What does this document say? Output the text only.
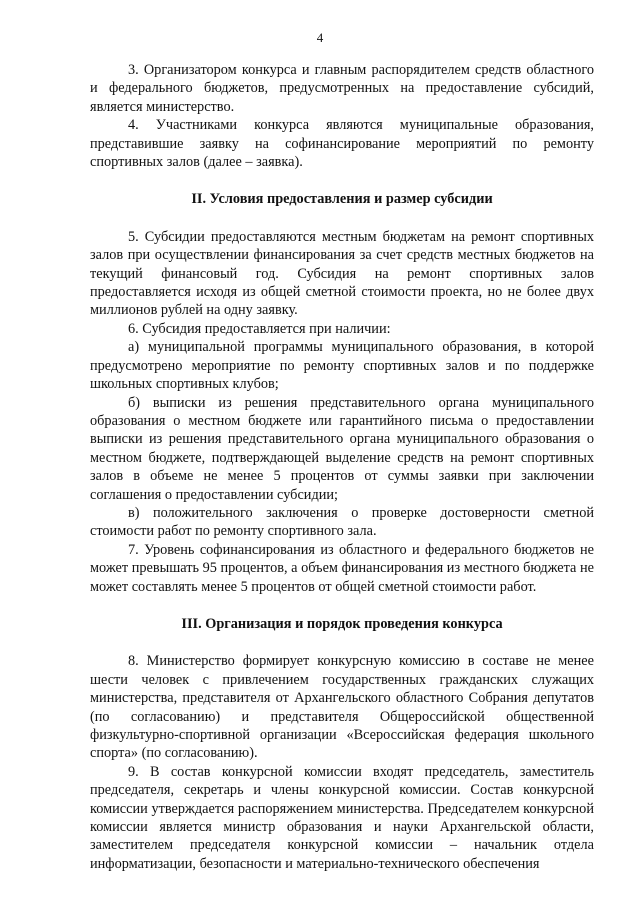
4

3. Организатором конкурса и главным распорядителем средств областного и федерального бюджетов, предусмотренных на предоставление субсидий, является министерство.

4. Участниками конкурса являются муниципальные образования, представившие заявку на софинансирование мероприятий по ремонту спортивных залов (далее – заявка).

II. Условия предоставления и размер субсидии

5. Субсидии предоставляются местным бюджетам на ремонт спортивных залов при осуществлении финансирования за счет средств местных бюджетов на текущий финансовый год. Субсидия на ремонт спортивных залов предоставляется исходя из общей сметной стоимости проекта, но не более двух миллионов рублей на одну заявку.

6. Субсидия предоставляется при наличии:

а) муниципальной программы муниципального образования, в которой предусмотрено мероприятие по ремонту спортивных залов и по поддержке школьных спортивных клубов;

б) выписки из решения представительного органа муниципального образования о местном бюджете или гарантийного письма о предоставлении выписки из решения представительного органа муниципального образования о местном бюджете, подтверждающей выделение средств на ремонт спортивных залов в объеме не менее 5 процентов от суммы заявки при заключении соглашения о предоставлении субсидии;

в) положительного заключения о проверке достоверности сметной стоимости работ по ремонту спортивного зала.

7. Уровень софинансирования из областного и федерального бюджетов не может превышать 95 процентов, а объем финансирования из местного бюджета не может составлять менее 5 процентов от общей сметной стоимости работ.

III. Организация и порядок проведения конкурса

8. Министерство формирует конкурсную комиссию в составе не менее шести человек с привлечением государственных гражданских служащих министерства, представителя от Архангельского областного Собрания депутатов (по согласованию) и представителя Общероссийской общественной физкультурно-спортивной организации «Всероссийская федерация школьного спорта» (по согласованию).

9. В состав конкурсной комиссии входят председатель, заместитель председателя, секретарь и члены конкурсной комиссии. Состав конкурсной комиссии утверждается распоряжением министерства. Председателем конкурсной комиссии является министр образования и науки Архангельской области, заместителем председателя конкурсной комиссии – начальник отдела информатизации, безопасности и материально-технического обеспечения
